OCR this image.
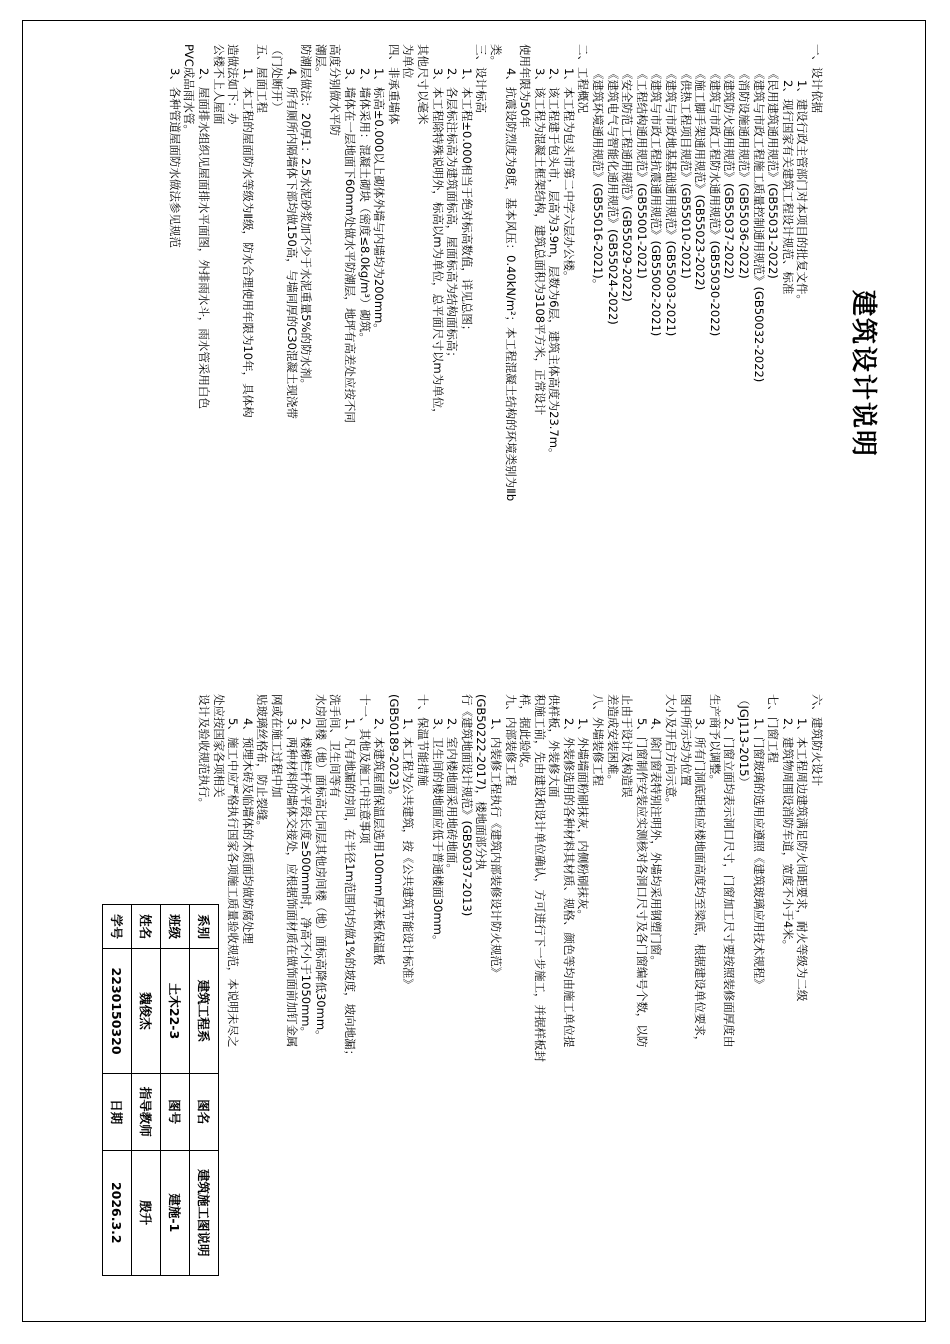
建筑设计说明
一、设计依据
1、建设行政主管部门对本项目的批复文件。
2、现行国家有关建筑工程设计规范、标准
《民用建筑通用规范》(GB55031-2022)
《建筑与市政工程施工质量控制通用规范》(GB50032-2022)
《消防设施通用规范》(GB55036-2022)
《建筑防火通用规范》(GB55037-2022)
《建筑与市政工程防水通用规范》(GB55030-2022)
《施工脚手架通用规范》(GB55023-2022)
《供热工程项目规范》(GB55010-2021)
《建筑与市政地基基础通用规范》(GB55003-2021)
《建筑与市政工程抗震通用规范》(GB55002-2021)
《工程结构通用规范》(GB55001-2021)
《安全防范工程通用规范》(GB55029-2022)
《建筑电气与智能化通用规范》(GB55024-2022)
《建筑环境通用规范》(GB55016-2021)。
二、工程概况
1、本工程为包头市第二中学六层办公楼。
2、该工程建于包头市，层高为3.9m，层数为6层，建筑主体高度为23.7m。
3、该工程为混凝土框架结构，建筑总面积为3108平方米，正常设计
使用年限为50年
4、抗震设防烈度为8度，基本风压：0.40kN/m²；本工程混凝土结构的环境类别为Ⅱb
类。
三、设计标高
1、本工程±0.000相当于绝对标高数值，详见总图；
2、各层标注标高为建筑面标高，屋面标高为结构面标高；
3、本工程除特殊说明外，标高以m为单位，总平面尺寸以m为单位，
其他尺寸以毫米
为单位
四、非承重墙体
1、标高±0.000以上砌体外墙与内墙均为200mm。
2、墙体采用：混凝土砌块（密度≤8.0kg/m³）砌筑。
3、墙体在一层地面下60mm处做水平防潮层，地坪有高差处应按不同
高度分别做水平防
潮层。
防潮层做法：20厚1：2.5水泥砂浆加不少于水泥重量5%的防水剂。
4、所有厕所内隔墙体下部均做150高，与墙同厚的C30混凝土现浇带
（门处断开）
五、屋面工程
1、本工程的屋面防水等级为Ⅱ级，防水合理使用年限为10年，具体构
造做法如下：办
公楼不上人屋面
2、屋面排水组织见屋面排水平面图，外排雨水斗，雨水管采用白色
PVC成品雨水管。
3、各种管道屋面防水做法参见规范
六、建筑防火设计
1、本工程周边建筑满足防火间距要求，耐火等级为二级
2、建筑物周围设消防车道，宽度不小于4米。
七、门窗工程
1、门窗玻璃的选用应遵照《建筑玻璃应用技术规程》
（JGJ113-2015）
2、门窗立面均表示洞口尺寸，门窗加工尺寸要按照装修面厚度由
生产商予以调整。
3、所有门洞底距相应楼地面高度均至梁底，根据建设单位要求，
图中所示均为位置
大小及开启方向示意。
4、除门窗表特别注明外，外墙均采用钢塑门窗。
5、门窗制作安装应实测核对各洞口尺寸及各门窗编号个数，以防
止由于设计及构造误
差造成安装困难。
八、外墙装修工程
1、外墙墙面粉刷抹灰，内侧粉刷抹灰。
2、外装修选用的各种材料其材质、规格、颜色等均由施工单位提
供样板，外装修大面
积施工前，先由建设和设计单位确认，方可进行下一步施工，并据样板封
样，据此验收。
九、内部装修工程
1、内装修工程执行《建筑内部装修设计防火规范》
(GB50222-2017)，楼地面部分执
行《建筑地面设计规范》(GB50037-2013)
2、室内楼地面采用地砖地面。
3、卫生间的楼地面应低于普通楼面30mm。
十、保温节能措施
1、本工程为公共建筑，按《公共建筑节能设计标准》
(GB50189-2023)。
2、本建筑屋面保温层选用100mm厚苯板保温板
十一、其他及施工中注意事项
1、凡有地漏的房间，在半径1m范围内均做1%的坡度，坡向地漏；
洗手间、卫生间等有
水房间楼（地）面标高比同层其他房间楼（地）面标高降低30mm。
2、楼梯栏杆水平段长度≥500mm时，净高不小于1050mm。
3、两种材料的墙体交接处，应根据饰面材质在做饰面前加钉金属
网或在施工过程中加
贴玻璃丝格布，防止裂缝。
4、预埋木砖及临墙体的木质面均做防腐处理
5、施工中应严格执行国家各项施工质量验收规范，本说明未尽之
处应按国家各项相关
设计及验收规范执行。
系别	建筑工程系	图名	建筑施工图说明
班级	土木22-3	图号	建施-1
姓名	魏俊杰	指导教师	殷升
学号	2230150320	日期	2026.3.2
